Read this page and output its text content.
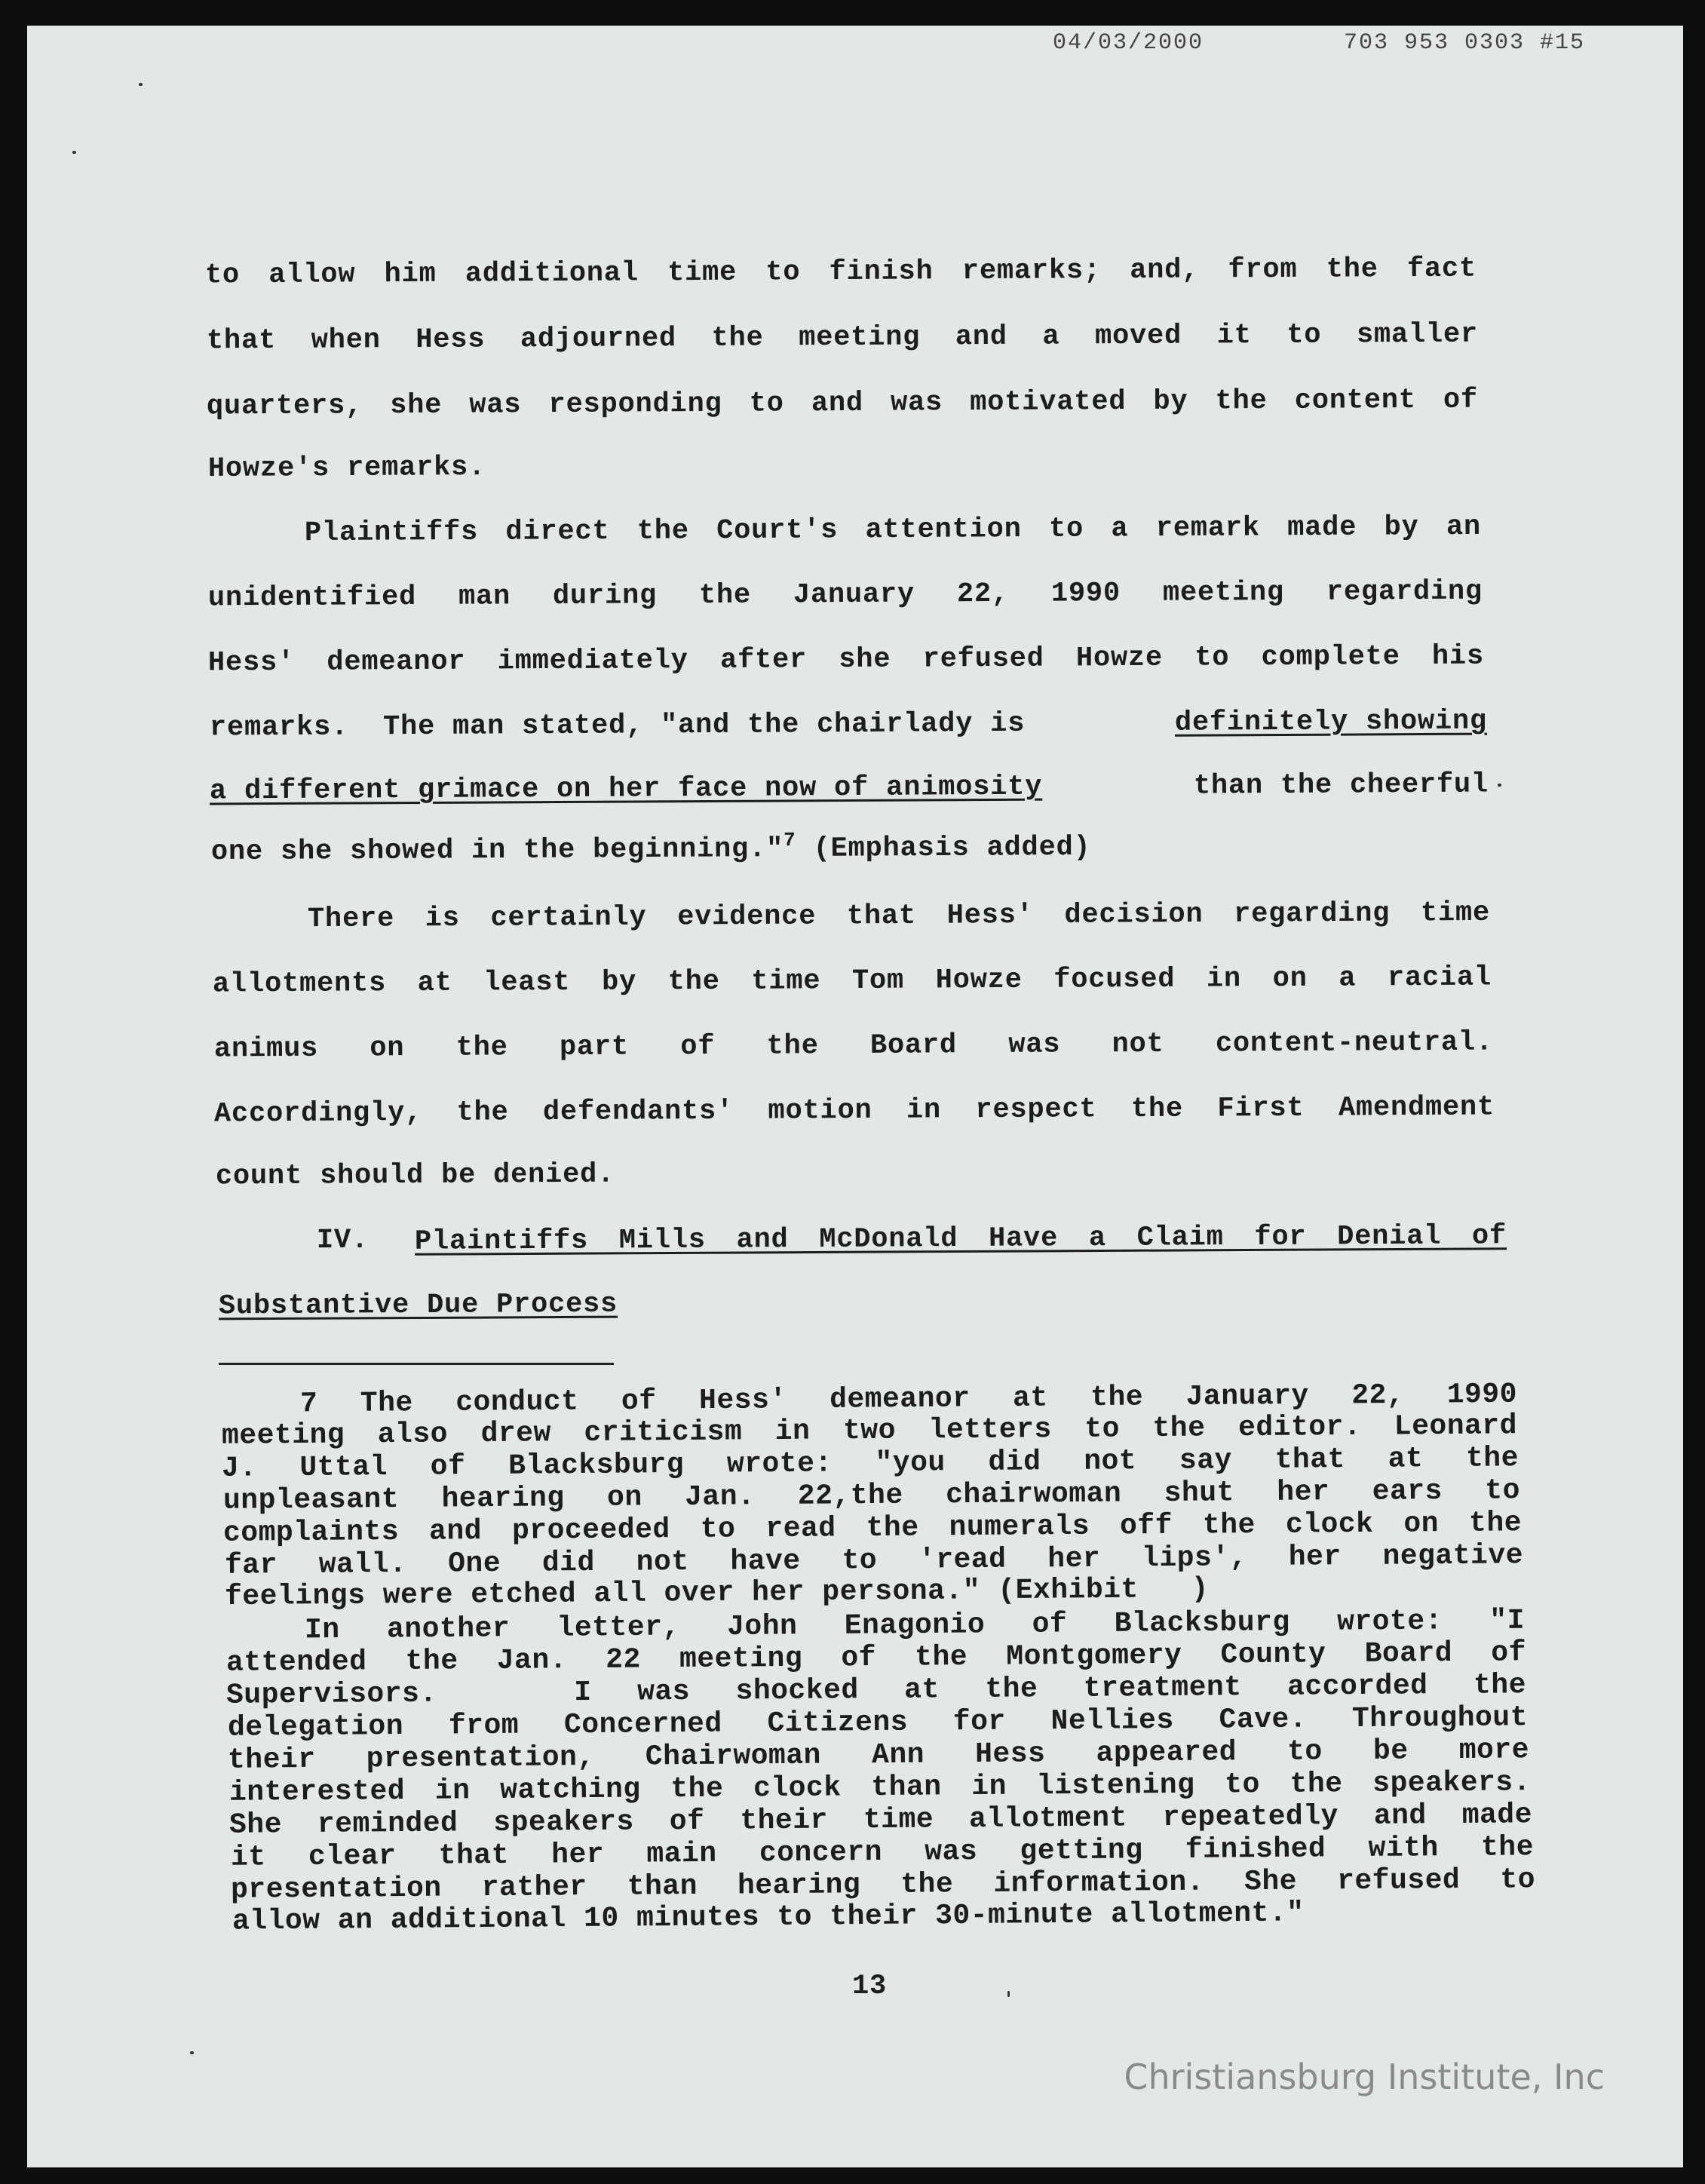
04/03/2000	703 953 0303 #15
to allow him additional time to finish remarks; and, from the fact
that when Hess adjourned the meeting and a moved it to smaller
quarters, she was responding to and was motivated by the content of
Howze's remarks.
Plaintiffs direct the Court's attention to a remark made by an
unidentified man during the January 22, 1990 meeting regarding
Hess' demeanor immediately after she refused Howze to complete his
remarks.  The man stated, "and the chairlady is	definitely showing
a different grimace on her face now of animosity	than the cheerful
one she showed in the beginning."$^7$ (Emphasis added)
There is certainly evidence that Hess' decision regarding time
allotments at least by the time Tom Howze focused in on a racial
animus on the part of the Board was not content-neutral.
Accordingly, the defendants' motion in respect the First Amendment
count should be denied.
IV. Plaintiffs Mills and McDonald Have a Claim for Denial of
Substantive Due Process
7 The conduct of Hess' demeanor at the January 22, 1990
meeting also drew criticism in two letters to the editor. Leonard
J. Uttal of Blacksburg wrote: "you did not say that at the
unpleasant hearing on Jan. 22,the chairwoman shut her ears to
complaints and proceeded to read the numerals off the clock on the
far wall. One did not have to 'read her lips', her negative
feelings were etched all over her persona." (Exhibit   )
In another letter, John Enagonio of Blacksburg wrote: "I
attended the Jan. 22 meeting of the Montgomery County Board of
Supervisors.   I was shocked at the treatment accorded the
delegation from Concerned Citizens for Nellies Cave. Throughout
their presentation, Chairwoman Ann Hess appeared to be more
interested in watching the clock than in listening to the speakers.
She reminded speakers of their time allotment repeatedly and made
it clear that her main concern was getting finished with the
presentation rather than hearing the information. She refused to
allow an additional 10 minutes to their 30-minute allotment."
13
Christiansburg Institute, Inc
